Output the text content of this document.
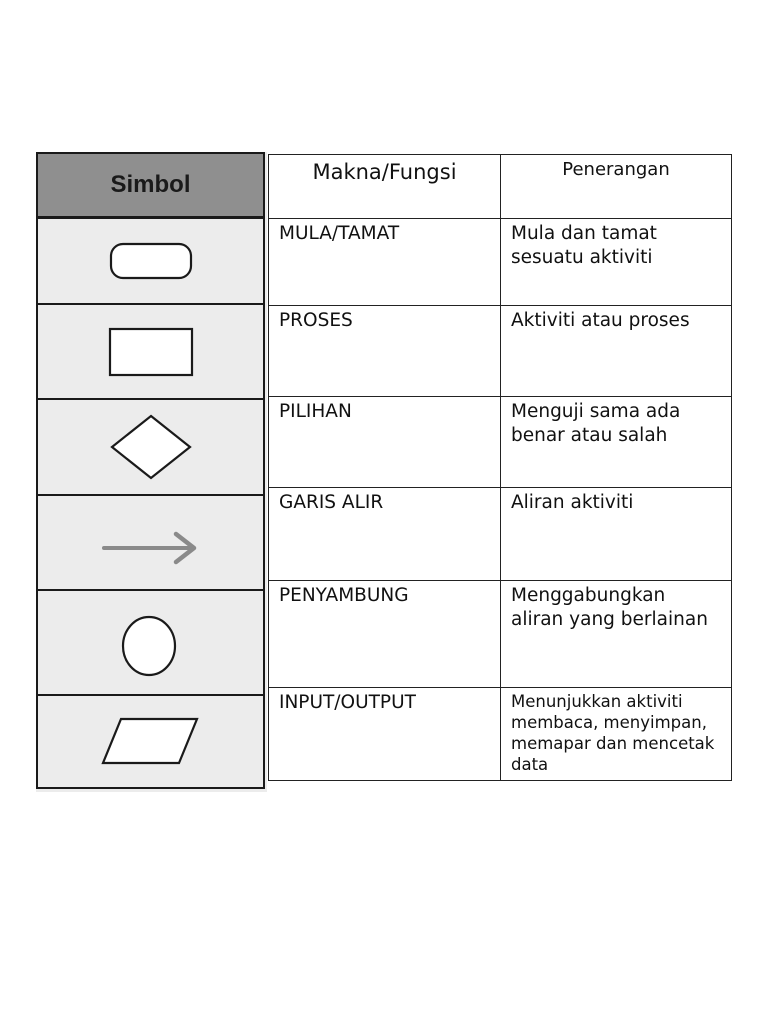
Simbol	Makna/Fungsi	Penerangan
MULA/TAMAT	Mula dan tamat sesuatu aktiviti
PROSES	Aktiviti atau proses
PILIHAN	Menguji sama ada benar atau salah
GARIS ALIR	Aliran aktiviti
PENYAMBUNG	Menggabungkan aliran yang berlainan
INPUT/OUTPUT	Menunjukkan aktiviti membaca, menyimpan, memapar dan mencetak data
